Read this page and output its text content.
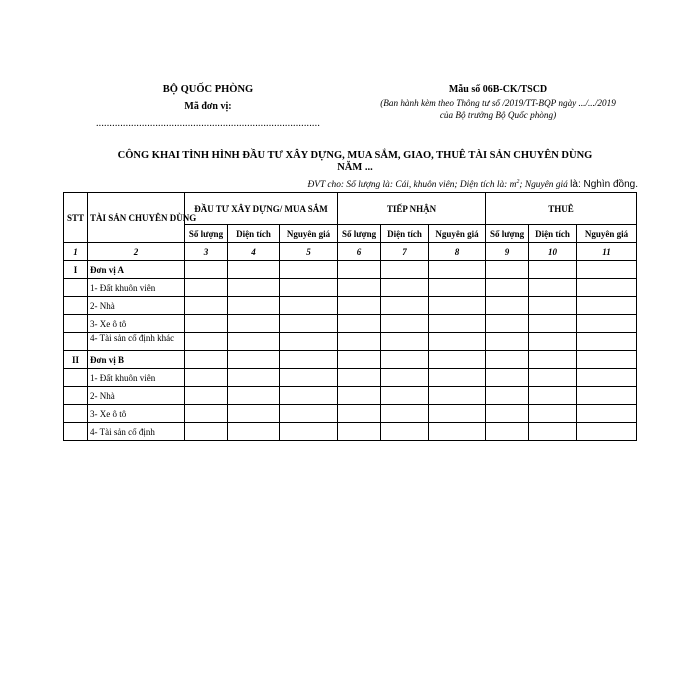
BỘ QUỐC PHÒNG
Mã đơn vị:
...................................................................................
Mẫu số 06B-CK/TSCD
(Ban hành kèm theo Thông tư số /2019/TT-BQP ngày .../.../2019
của Bộ trưởng Bộ Quốc phòng)
CÔNG KHAI TÌNH HÌNH ĐẦU TƯ XÂY DỰNG, MUA SẮM, GIAO, THUÊ TÀI SẢN CHUYÊN DÙNG
NĂM ...
ĐVT cho: Số lượng là: Cái, khuôn viên; Diện tích là: $m^2$; Nguyên giá là: Nghìn đồng.
STT	TÀI SẢN CHUYÊN DÙNG	ĐẦU TƯ XÂY DỰNG/ MUA SẮM			TIẾP NHẬN			THUÊ		
		Số lượng	Diện tích	Nguyên giá	Số lượng	Diện tích	Nguyên giá	Số lượng	Diện tích	Nguyên giá
1	2	3	4	5	6	7	8	9	10	11
I	Đơn vị A									
	1- Đất khuôn viên									
	2- Nhà									
	3- Xe ô tô									
	4- Tài sản cố định khác									
II	Đơn vị B									
	1- Đất khuôn viên									
	2- Nhà									
	3- Xe ô tô									
	4- Tài sản cố định									
